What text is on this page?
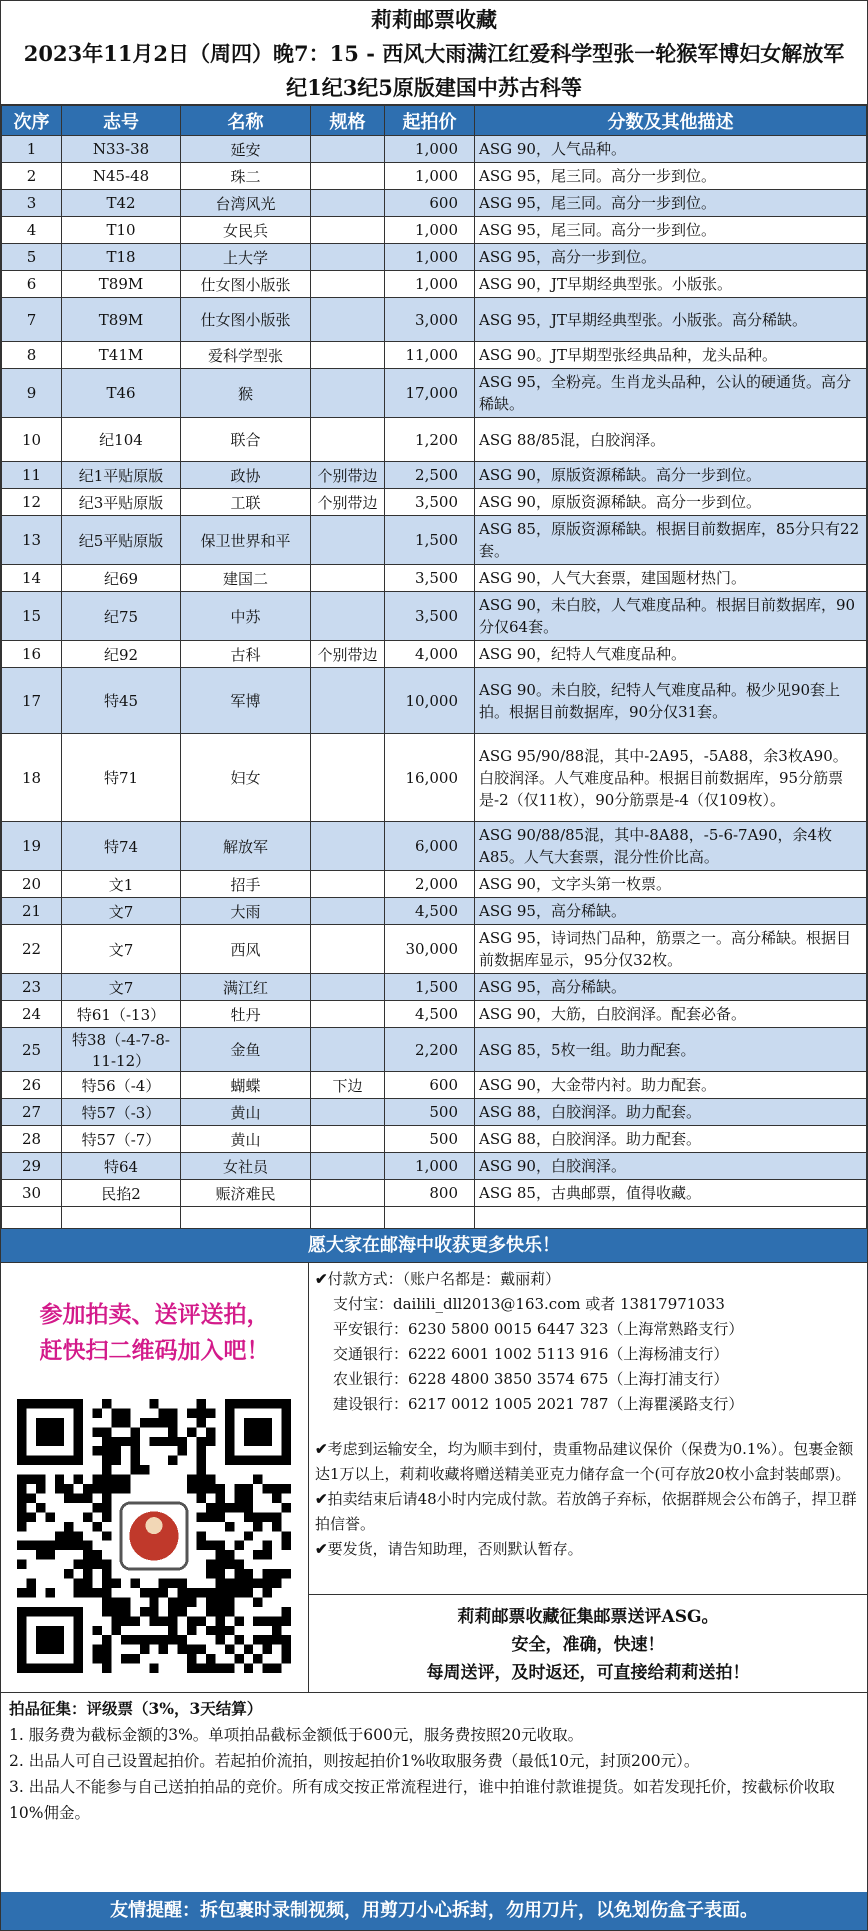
莉莉邮票收藏
2023年11月2日（周四）晚7：15 - 西风大雨满江红爱科学型张一轮猴军博妇女解放军
纪1纪3纪5原版建国中苏古科等
次序	志号	名称	规格	起拍价	分数及其他描述
1	N33-38	延安		1,000	ASG 90，人气品种。
2	N45-48	珠二		1,000	ASG 95，尾三同。高分一步到位。
3	T42	台湾风光		600	ASG 95，尾三同。高分一步到位。
4	T10	女民兵		1,000	ASG 95，尾三同。高分一步到位。
5	T18	上大学		1,000	ASG 95，高分一步到位。
6	T89M	仕女图小版张		1,000	ASG 90，JT早期经典型张。小版张。
7	T89M	仕女图小版张		3,000	ASG 95，JT早期经典型张。小版张。高分稀缺。
8	T41M	爱科学型张		11,000	ASG 90。JT早期型张经典品种，龙头品种。
9	T46	猴		17,000	ASG 95，全粉亮。生肖龙头品种，公认的硬通货。高分稀缺。
10	纪104	联合		1,200	ASG 88/85混，白胶润泽。
11	纪1平贴原版	政协	个别带边	2,500	ASG 90，原版资源稀缺。高分一步到位。
12	纪3平贴原版	工联	个别带边	3,500	ASG 90，原版资源稀缺。高分一步到位。
13	纪5平贴原版	保卫世界和平		1,500	ASG 85，原版资源稀缺。根据目前数据库，85分只有22套。
14	纪69	建国二		3,500	ASG 90，人气大套票，建国题材热门。
15	纪75	中苏		3,500	ASG 90，未白胶，人气难度品种。根据目前数据库，90分仅64套。
16	纪92	古科	个别带边	4,000	ASG 90，纪特人气难度品种。
17	特45	军博		10,000	ASG 90。未白胶，纪特人气难度品种。极少见90套上拍。根据目前数据库，90分仅31套。
18	特71	妇女		16,000	ASG 95/90/88混，其中-2A95，-5A88，余3枚A90。白胶润泽。人气难度品种。根据目前数据库，95分筋票是-2（仅11枚），90分筋票是-4（仅109枚）。
19	特74	解放军		6,000	ASG 90/88/85混，其中-8A88，-5-6-7A90，余4枚A85。人气大套票，混分性价比高。
20	文1	招手		2,000	ASG 90，文字头第一枚票。
21	文7	大雨		4,500	ASG 95，高分稀缺。
22	文7	西风		30,000	ASG 95，诗词热门品种，筋票之一。高分稀缺。根据目前数据库显示，95分仅32枚。
23	文7	满江红		1,500	ASG 95，高分稀缺。
24	特61（-13）	牡丹		4,500	ASG 90，大筋，白胶润泽。配套必备。
25	特38（-4-7-8-11-12）	金鱼		2,200	ASG 85，5枚一组。助力配套。
26	特56（-4）	蝴蝶	下边	600	ASG 90，大金带内衬。助力配套。
27	特57（-3）	黄山		500	ASG 88，白胶润泽。助力配套。
28	特57（-7）	黄山		500	ASG 88，白胶润泽。助力配套。
29	特64	女社员		1,000	ASG 90，白胶润泽。
30	民掐2	赈济难民		800	ASG 85，古典邮票，值得收藏。

愿大家在邮海中收获更多快乐！
参加拍卖、送评送拍，
赶快扫二维码加入吧！
✔付款方式：（账户名都是：戴丽莉）
支付宝：dailili_dll2013@163.com 或者 13817971033
平安银行：6230 5800 0015 6447 323（上海常熟路支行）
交通银行：6222 6001 1002 5113 916（上海杨浦支行）
农业银行：6228 4800 3850 3574 675（上海打浦支行）
建设银行：6217 0012 1005 2021 787（上海瞿溪路支行）
✔考虑到运输安全，均为顺丰到付，贵重物品建议保价（保费为0.1%）。包裹金额达1万以上，莉莉收藏将赠送精美亚克力储存盒一个(可存放20枚小盒封装邮票)。
✔拍卖结束后请48小时内完成付款。若放鸽子弃标，依据群规会公布鸽子，捍卫群拍信誉。
✔要发货，请告知助理，否则默认暂存。
莉莉邮票收藏征集邮票送评ASG。
安全，准确，快速！
每周送评，及时返还，可直接给莉莉送拍！
拍品征集：评级票（3%，3天结算）
1. 服务费为截标金额的3%。单项拍品截标金额低于600元，服务费按照20元收取。
2. 出品人可自己设置起拍价。若起拍价流拍，则按起拍价1%收取服务费（最低10元，封顶200元）。
3. 出品人不能参与自己送拍拍品的竞价。所有成交按正常流程进行，谁中拍谁付款谁提货。如若发现托价，按截标价收取10%佣金。
友情提醒：拆包裹时录制视频，用剪刀小心拆封，勿用刀片，以免划伤盒子表面。
